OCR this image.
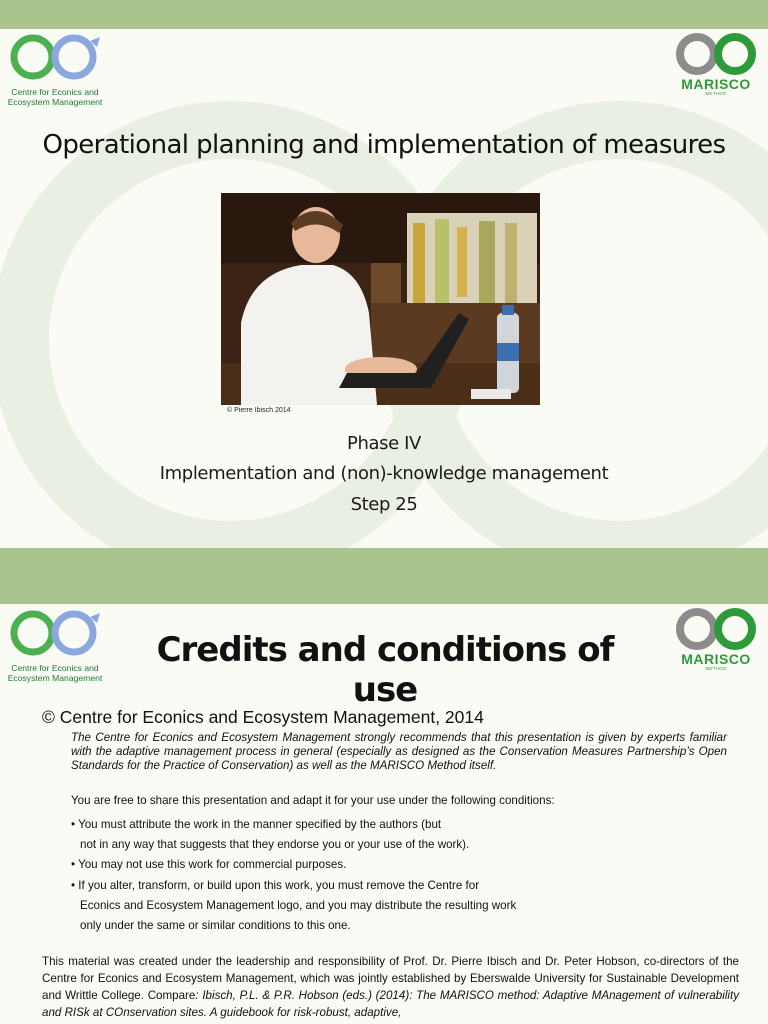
Centre for Econics and
Ecosystem Management
MARISCO
METHOD
Operational planning and implementation of measures
© Pierre Ibisch 2014
Phase IV
Implementation and (non)-knowledge management
Step 25
Centre for Econics and
Ecosystem Management
Credits and conditions of use
MARISCO
METHOD
© Centre for Econics and Ecosystem Management, 2014
The Centre for Econics and Ecosystem Management strongly recommends that this presentation is given by experts familiar with the adaptive management process in general (especially as designed as the Conservation Measures Partnership’s Open Standards for the Practice of Conservation) as well as the MARISCO Method itself.
You are free to share this presentation and adapt it for your use under the following conditions:
• You must attribute the work in the manner specified by the authors (but
not in any way that suggests that they endorse you or your use of the work).
• You may not use this work for commercial purposes.
• If you alter, transform, or build upon this work, you must remove the Centre for
Econics and Ecosystem Management logo, and you may distribute the resulting work
only under the same or similar conditions to this one.
This material was created under the leadership and responsibility of Prof. Dr. Pierre Ibisch and Dr. Peter Hobson, co-directors of the Centre for Econics and Ecosystem Management, which was jointly established by Eberswalde University for Sustainable Development and Writtle College. Compare: Ibisch, P.L. & P.R. Hobson (eds.) (2014): The MARISCO method: Adaptive MAnagement of vulnerability and RISk at COnservation sites. A guidebook for risk-robust, adaptive,
